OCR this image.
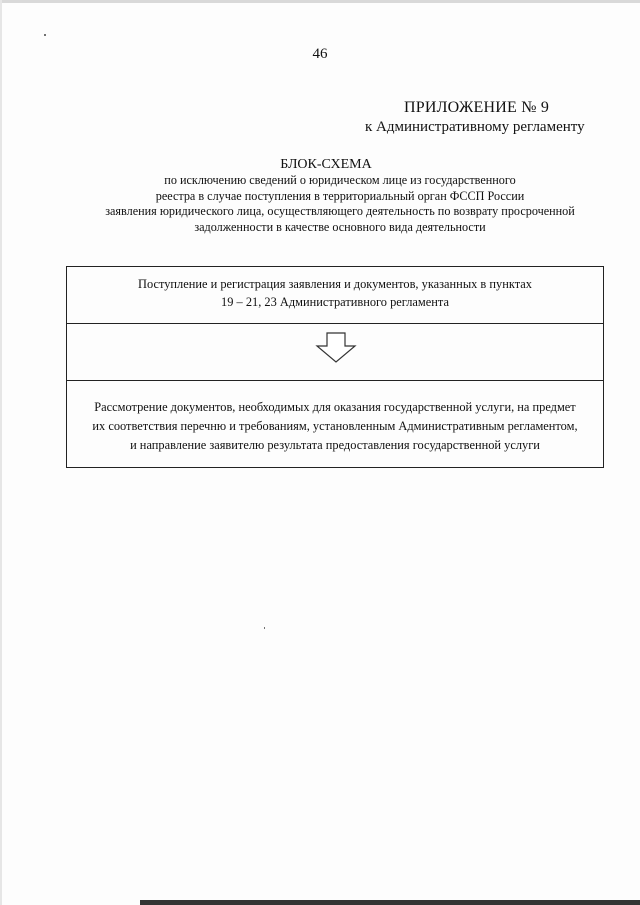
46
ПРИЛОЖЕНИЕ № 9
к Административному регламенту
БЛОК-СХЕМА
по исключению сведений о юридическом лице из государственного
реестра в случае поступления в территориальный орган ФССП России
заявления юридического лица, осуществляющего деятельность по возврату просроченной
задолженности в качестве основного вида деятельности
Поступление и регистрация заявления и документов, указанных в пунктах
19 – 21, 23 Административного регламента
Рассмотрение документов, необходимых для оказания государственной услуги, на предмет
их соответствия перечню и требованиям, установленным Административным регламентом,
и направление заявителю результата предоставления государственной услуги
